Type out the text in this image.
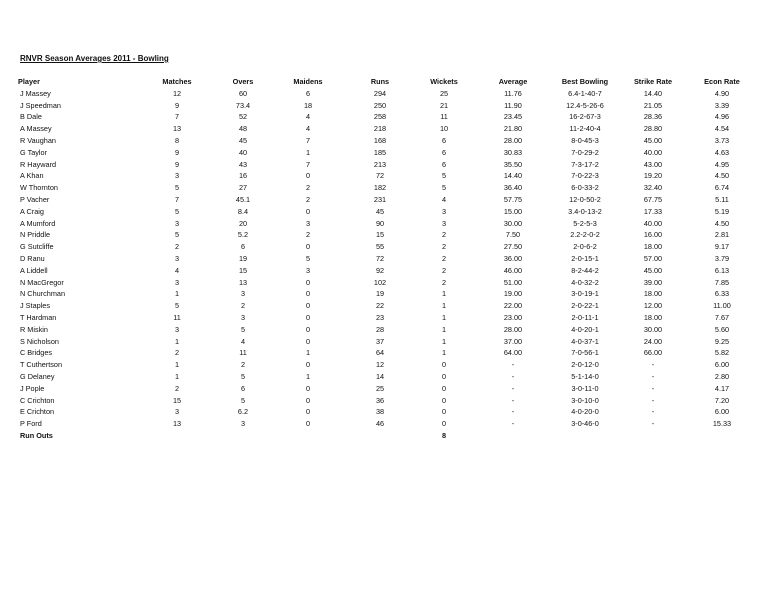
RNVR Season Averages 2011 - Bowling
Player	Matches	Overs	Maidens	Runs	Wickets	Average	Best Bowling	Strike Rate	Econ Rate
J Massey	12	60	6	294	25	11.76	6.4-1-40-7	14.40	4.90
J Speedman	9	73.4	18	250	21	11.90	12.4-5-26-6	21.05	3.39
B Dale	7	52	4	258	11	23.45	16-2-67-3	28.36	4.96
A Massey	13	48	4	218	10	21.80	11-2-40-4	28.80	4.54
R Vaughan	8	45	7	168	6	28.00	8-0-45-3	45.00	3.73
G Taylor	9	40	1	185	6	30.83	7-0-29-2	40.00	4.63
R Hayward	9	43	7	213	6	35.50	7-3-17-2	43.00	4.95
A Khan	3	16	0	72	5	14.40	7-0-22-3	19.20	4.50
W Thornton	5	27	2	182	5	36.40	6-0-33-2	32.40	6.74
P Vacher	7	45.1	2	231	4	57.75	12-0-50-2	67.75	5.11
A Craig	5	8.4	0	45	3	15.00	3.4-0-13-2	17.33	5.19
A Mumford	3	20	3	90	3	30.00	5-2-5-3	40.00	4.50
N Priddle	5	5.2	2	15	2	7.50	2.2-2-0-2	16.00	2.81
G Sutcliffe	2	6	0	55	2	27.50	2-0-6-2	18.00	9.17
D Ranu	3	19	5	72	2	36.00	2-0-15-1	57.00	3.79
A Liddell	4	15	3	92	2	46.00	8-2-44-2	45.00	6.13
N MacGregor	3	13	0	102	2	51.00	4-0-32-2	39.00	7.85
N Churchman	1	3	0	19	1	19.00	3-0-19-1	18.00	6.33
J Staples	5	2	0	22	1	22.00	2-0-22-1	12.00	11.00
T Hardman	11	3	0	23	1	23.00	2-0-11-1	18.00	7.67
R Miskin	3	5	0	28	1	28.00	4-0-20-1	30.00	5.60
S Nicholson	1	4	0	37	1	37.00	4-0-37-1	24.00	9.25
C Bridges	2	11	1	64	1	64.00	7-0-56-1	66.00	5.82
T Cuthertson	1	2	0	12	0	-	2-0-12-0	-	6.00
G Delaney	1	5	1	14	0	-	5-1-14-0	-	2.80
J Pople	2	6	0	25	0	-	3-0-11-0	-	4.17
C Crichton	15	5	0	36	0	-	3-0-10-0	-	7.20
E Crichton	3	6.2	0	38	0	-	4-0-20-0	-	6.00
P Ford	13	3	0	46	0	-	3-0-46-0	-	15.33
Run Outs					8				
